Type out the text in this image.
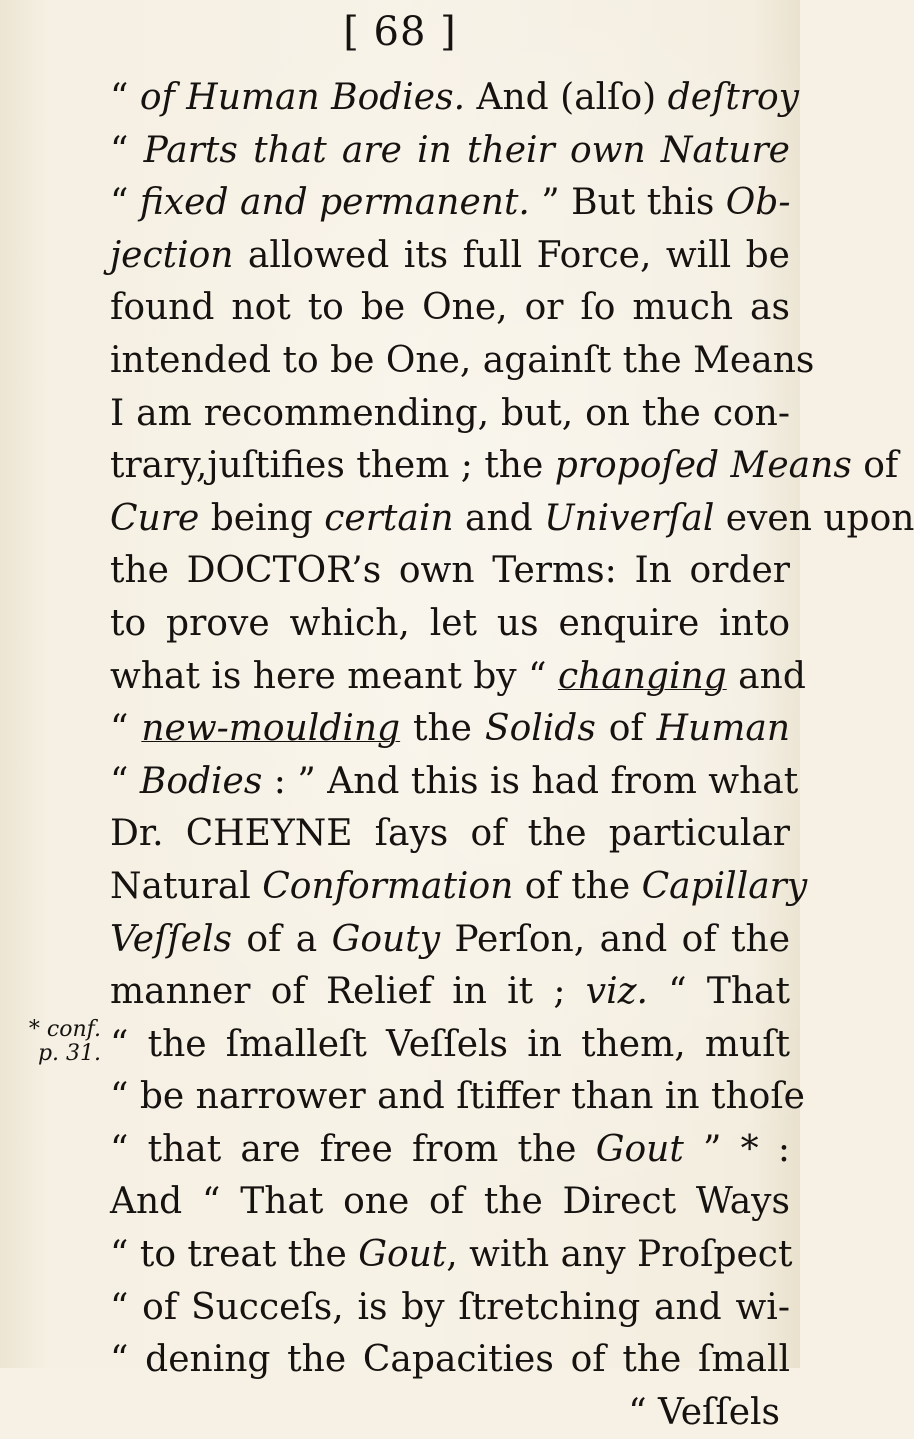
[ 68 ]
* conf.
p. 31.
“ of Human Bodies. And (alſo) deſtroy
“ Parts that are in their own Nature
“ fixed and permanent. ” But this Ob-
jection allowed its full Force, will be
found not to be One, or ſo much as
intended to be One, againſt the Means
I am recommending, but, on the con-
trary,juſtifies them ; the propoſed Means of
Cure being certain and Univerſal even upon
the DOCTOR’s own Terms: In order
to prove which, let us enquire into
what is here meant by “ changing and
“ new-moulding the Solids of Human
“ Bodies : ” And this is had from what
Dr. CHEYNE ſays of the particular
Natural Conformation of the Capillary
Veſſels of a Gouty Perſon, and of the
manner of Relief in it ; viz. “ That
“ the ſmalleſt Veſſels in them, muſt
“ be narrower and ſtiffer than in thoſe
“ that are free from the Gout ” * :
And “ That one of the Direct Ways
“ to treat the Gout, with any Proſpect
“ of Succeſs, is by ſtretching and wi-
“ dening the Capacities of the ſmall
“ Veſſels
